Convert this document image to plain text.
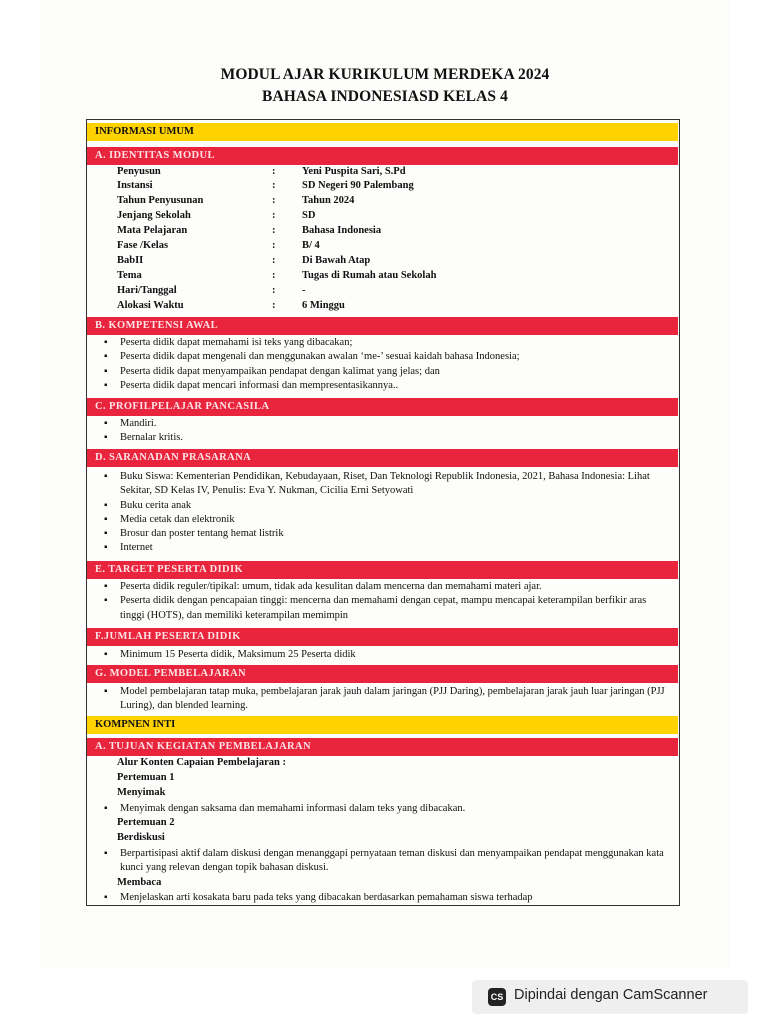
MODUL AJAR KURIKULUM MERDEKA 2024
BAHASA INDONESIASD KELAS 4
INFORMASI UMUM
A. IDENTITAS MODUL
Penyusun	:	Yeni Puspita Sari, S.Pd
Instansi	:	SD Negeri 90 Palembang
Tahun Penyusunan	:	Tahun 2024
Jenjang Sekolah	:	SD
Mata Pelajaran	:	Bahasa Indonesia
Fase /Kelas	:	B/ 4
BabII	:	Di Bawah Atap
Tema	:	Tugas di Rumah atau Sekolah
Hari/Tanggal	:	-
Alokasi Waktu	:	6 Minggu
B. KOMPETENSI AWAL
▪ Peserta didik dapat memahami isi teks yang dibacakan;
▪ Peserta didik dapat mengenali dan menggunakan awalan ‘me-’ sesuai kaidah bahasa Indonesia;
▪ Peserta didik dapat menyampaikan pendapat dengan kalimat yang jelas; dan
▪ Peserta didik dapat mencari informasi dan mempresentasikannya..
C. PROFILPELAJAR PANCASILA
▪ Mandiri.
▪ Bernalar kritis.
D. SARANADAN PRASARANA
▪ Buku Siswa: Kementerian Pendidikan, Kebudayaan, Riset, Dan Teknologi Republik Indonesia, 2021, Bahasa Indonesia: Lihat Sekitar, SD Kelas IV, Penulis: Eva Y. Nukman, Cicilia Erni Setyowati
▪ Buku cerita anak
▪ Media cetak dan elektronik
▪ Brosur dan poster tentang hemat listrik
▪ Internet
E. TARGET PESERTA DIDIK
▪ Peserta didik reguler/tipikal: umum, tidak ada kesulitan dalam mencerna dan memahami materi ajar.
▪ Peserta didik dengan pencapaian tinggi: mencerna dan memahami dengan cepat, mampu mencapai keterampilan berfikir aras tinggi (HOTS), dan memiliki keterampilan memimpin
F.JUMLAH PESERTA DIDIK
▪ Minimum 15 Peserta didik, Maksimum 25 Peserta didik
G. MODEL PEMBELAJARAN
▪ Model pembelajaran tatap muka, pembelajaran jarak jauh dalam jaringan (PJJ Daring), pembelajaran jarak jauh luar jaringan (PJJ Luring), dan blended learning.
KOMPNEN INTI
A. TUJUAN KEGIATAN PEMBELAJARAN
Alur Konten Capaian Pembelajaran :
Pertemuan 1
Menyimak
▪ Menyimak dengan saksama dan memahami informasi dalam teks yang dibacakan.
Pertemuan 2
Berdiskusi
▪ Berpartisipasi aktif dalam diskusi dengan menanggapi pernyataan teman diskusi dan menyampaikan pendapat menggunakan kata kunci yang relevan dengan topik bahasan diskusi.
Membaca
▪ Menjelaskan arti kosakata baru pada teks yang dibacakan berdasarkan pemahaman siswa terhadap
CS Dipindai dengan CamScanner
